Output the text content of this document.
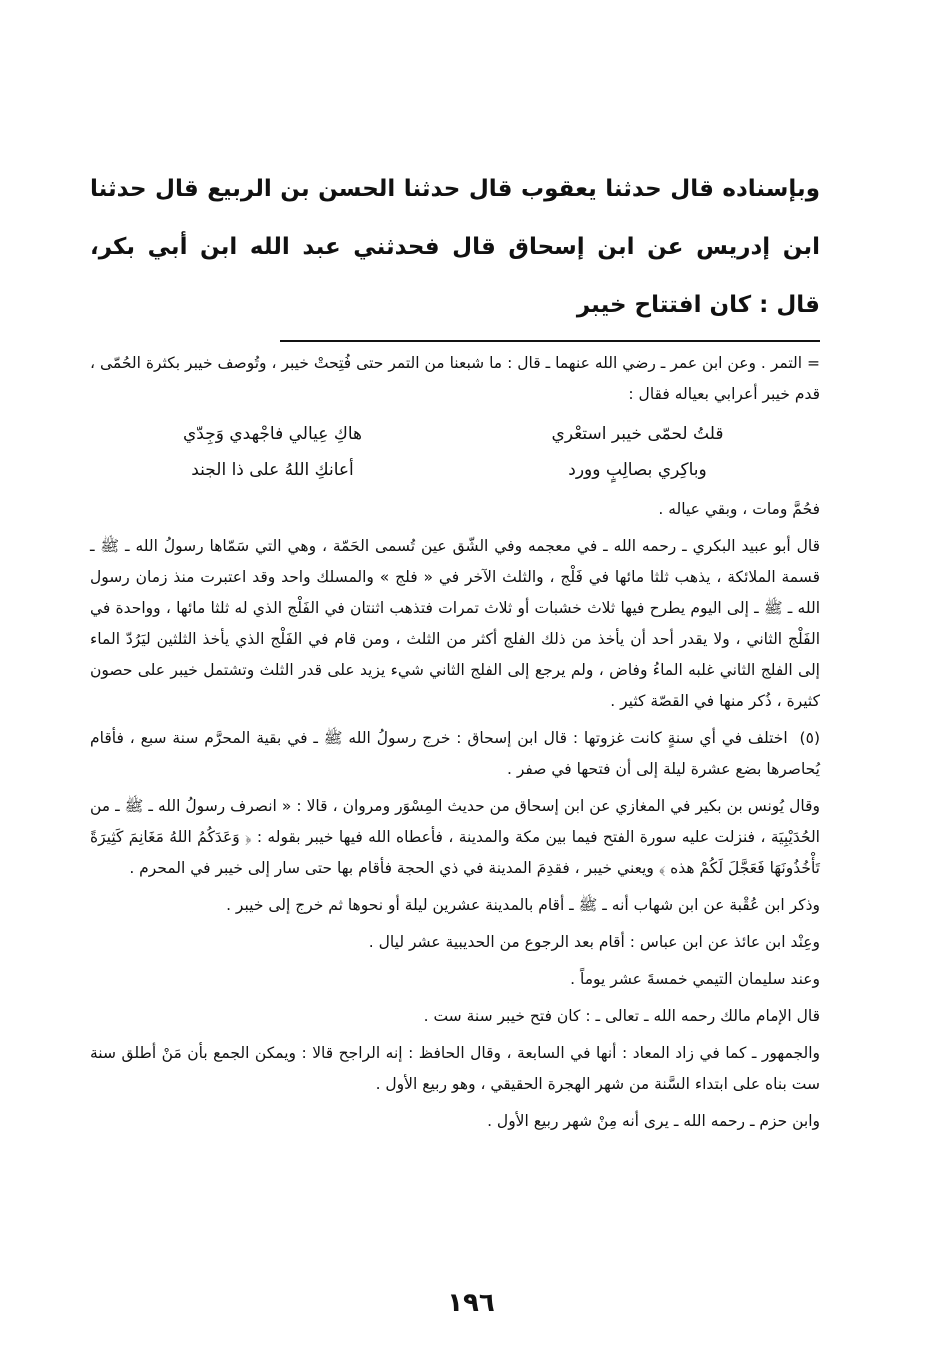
وبإسناده قال حدثنا يعقوب قال حدثنا الحسن بن الربيع قال حدثنا ابن إدريس عن ابن إسحاق قال فحدثني عبد الله ابن أبي بكر، قال : كان افتتاح خيبر

= التمر . وعن ابن عمر ـ رضي الله عنهما ـ قال : ما شبعنا من التمر حتى فُتِحتْ خيبر ، وتُوصف خيبر بكثرة الحُمّى ، قدم خيبر أعرابي بعياله فقال :

قلتُ لحمّى خيبر استعْري
هاكِ عِيالي فاجْهدي وَجِدّي
وباكِري بصالِبٍ وورد
أعانكِ اللهُ على ذا الجند

فحُمَّ ومات ، وبقي عياله .

قال أبو عبيد البكري ـ رحمه الله ـ في معجمه وفي الشّق عين تُسمى الحَمّة ، وهي التي سَمّاها رسولُ الله ـ ﷺ ـ قسمة الملائكة ، يذهب ثلثا مائها في فَلْج ، والثلث الآخر في « فلج » والمسلك واحد وقد اعتبرت منذ زمان رسول الله ـ ﷺ ـ إلى اليوم يطرح فيها ثلاث خشبات أو ثلاث تمرات فتذهب اثنتان في الفَلْج الذي له ثلثا مائها ، وواحدة في الفَلْج الثاني ، ولا يقدر أحد أن يأخذ من ذلك الفلج أكثر من الثلث ، ومن قام في الفَلْج الذي يأخذ الثلثين ليَرُدّ الماء إلى الفلج الثاني غلبه الماءُ وفاض ، ولم يرجع إلى الفلج الثاني شيء يزيد على قدر الثلث وتشتمل خيبر على حصون كثيرة ، ذُكر منها في القصّة كثير .

(٥) اختلف في أي سنةٍ كانت غزوتها : قال ابن إسحاق : خرج رسولُ الله ﷺ ـ في بقية المحرَّم سنة سبع ، فأقام يُحاصرها بضع عشرة ليلة إلى أن فتحها في صفر .

وقال يُونس بن بكير في المغازي عن ابن إسحاق من حديث المِسْوَر ومروان ، قالا : « انصرف رسولُ الله ـ ﷺ ـ من الحُدَيْبِيَة ، فنزلت عليه سورة الفتح فيما بين مكة والمدينة ، فأعطاه الله فيها خيبر بقوله : ﴿ وَعَدَكُمُ اللهُ مَغَانِمَ كَثِيرَةً تَأْخُذُونَهَا فَعَجَّلَ لَكُمْ هذه ﴾ ويعني خيبر ، فقدِمَ المدينة في ذي الحجة فأقام بها حتى سار إلى خيبر في المحرم .

وذكر ابن عُقْبة عن ابن شهاب أنه ـ ﷺ ـ أقام بالمدينة عشرين ليلة أو نحوها ثم خرج إلى خيبر .

وعِنْد ابن عائذ عن ابن عباس : أقام بعد الرجوع من الحديبية عشر ليال .

وعند سليمان التيمي خمسةَ عشر يوماً .

قال الإمام مالك رحمه الله ـ تعالى ـ : كان فتح خيبر سنة ست .

والجمهور ـ كما في زاد المعاد : أنها في السابعة ، وقال الحافظ : إنه الراجح قالا : ويمكن الجمع بأن مَنْ أطلق سنة ست بناه على ابتداء السَّنة من شهر الهجرة الحقيقي ، وهو ربيع الأول .

وابن حزم ـ رحمه الله ـ يرى أنه مِنْ شهر ربيع الأول .

١٩٦
